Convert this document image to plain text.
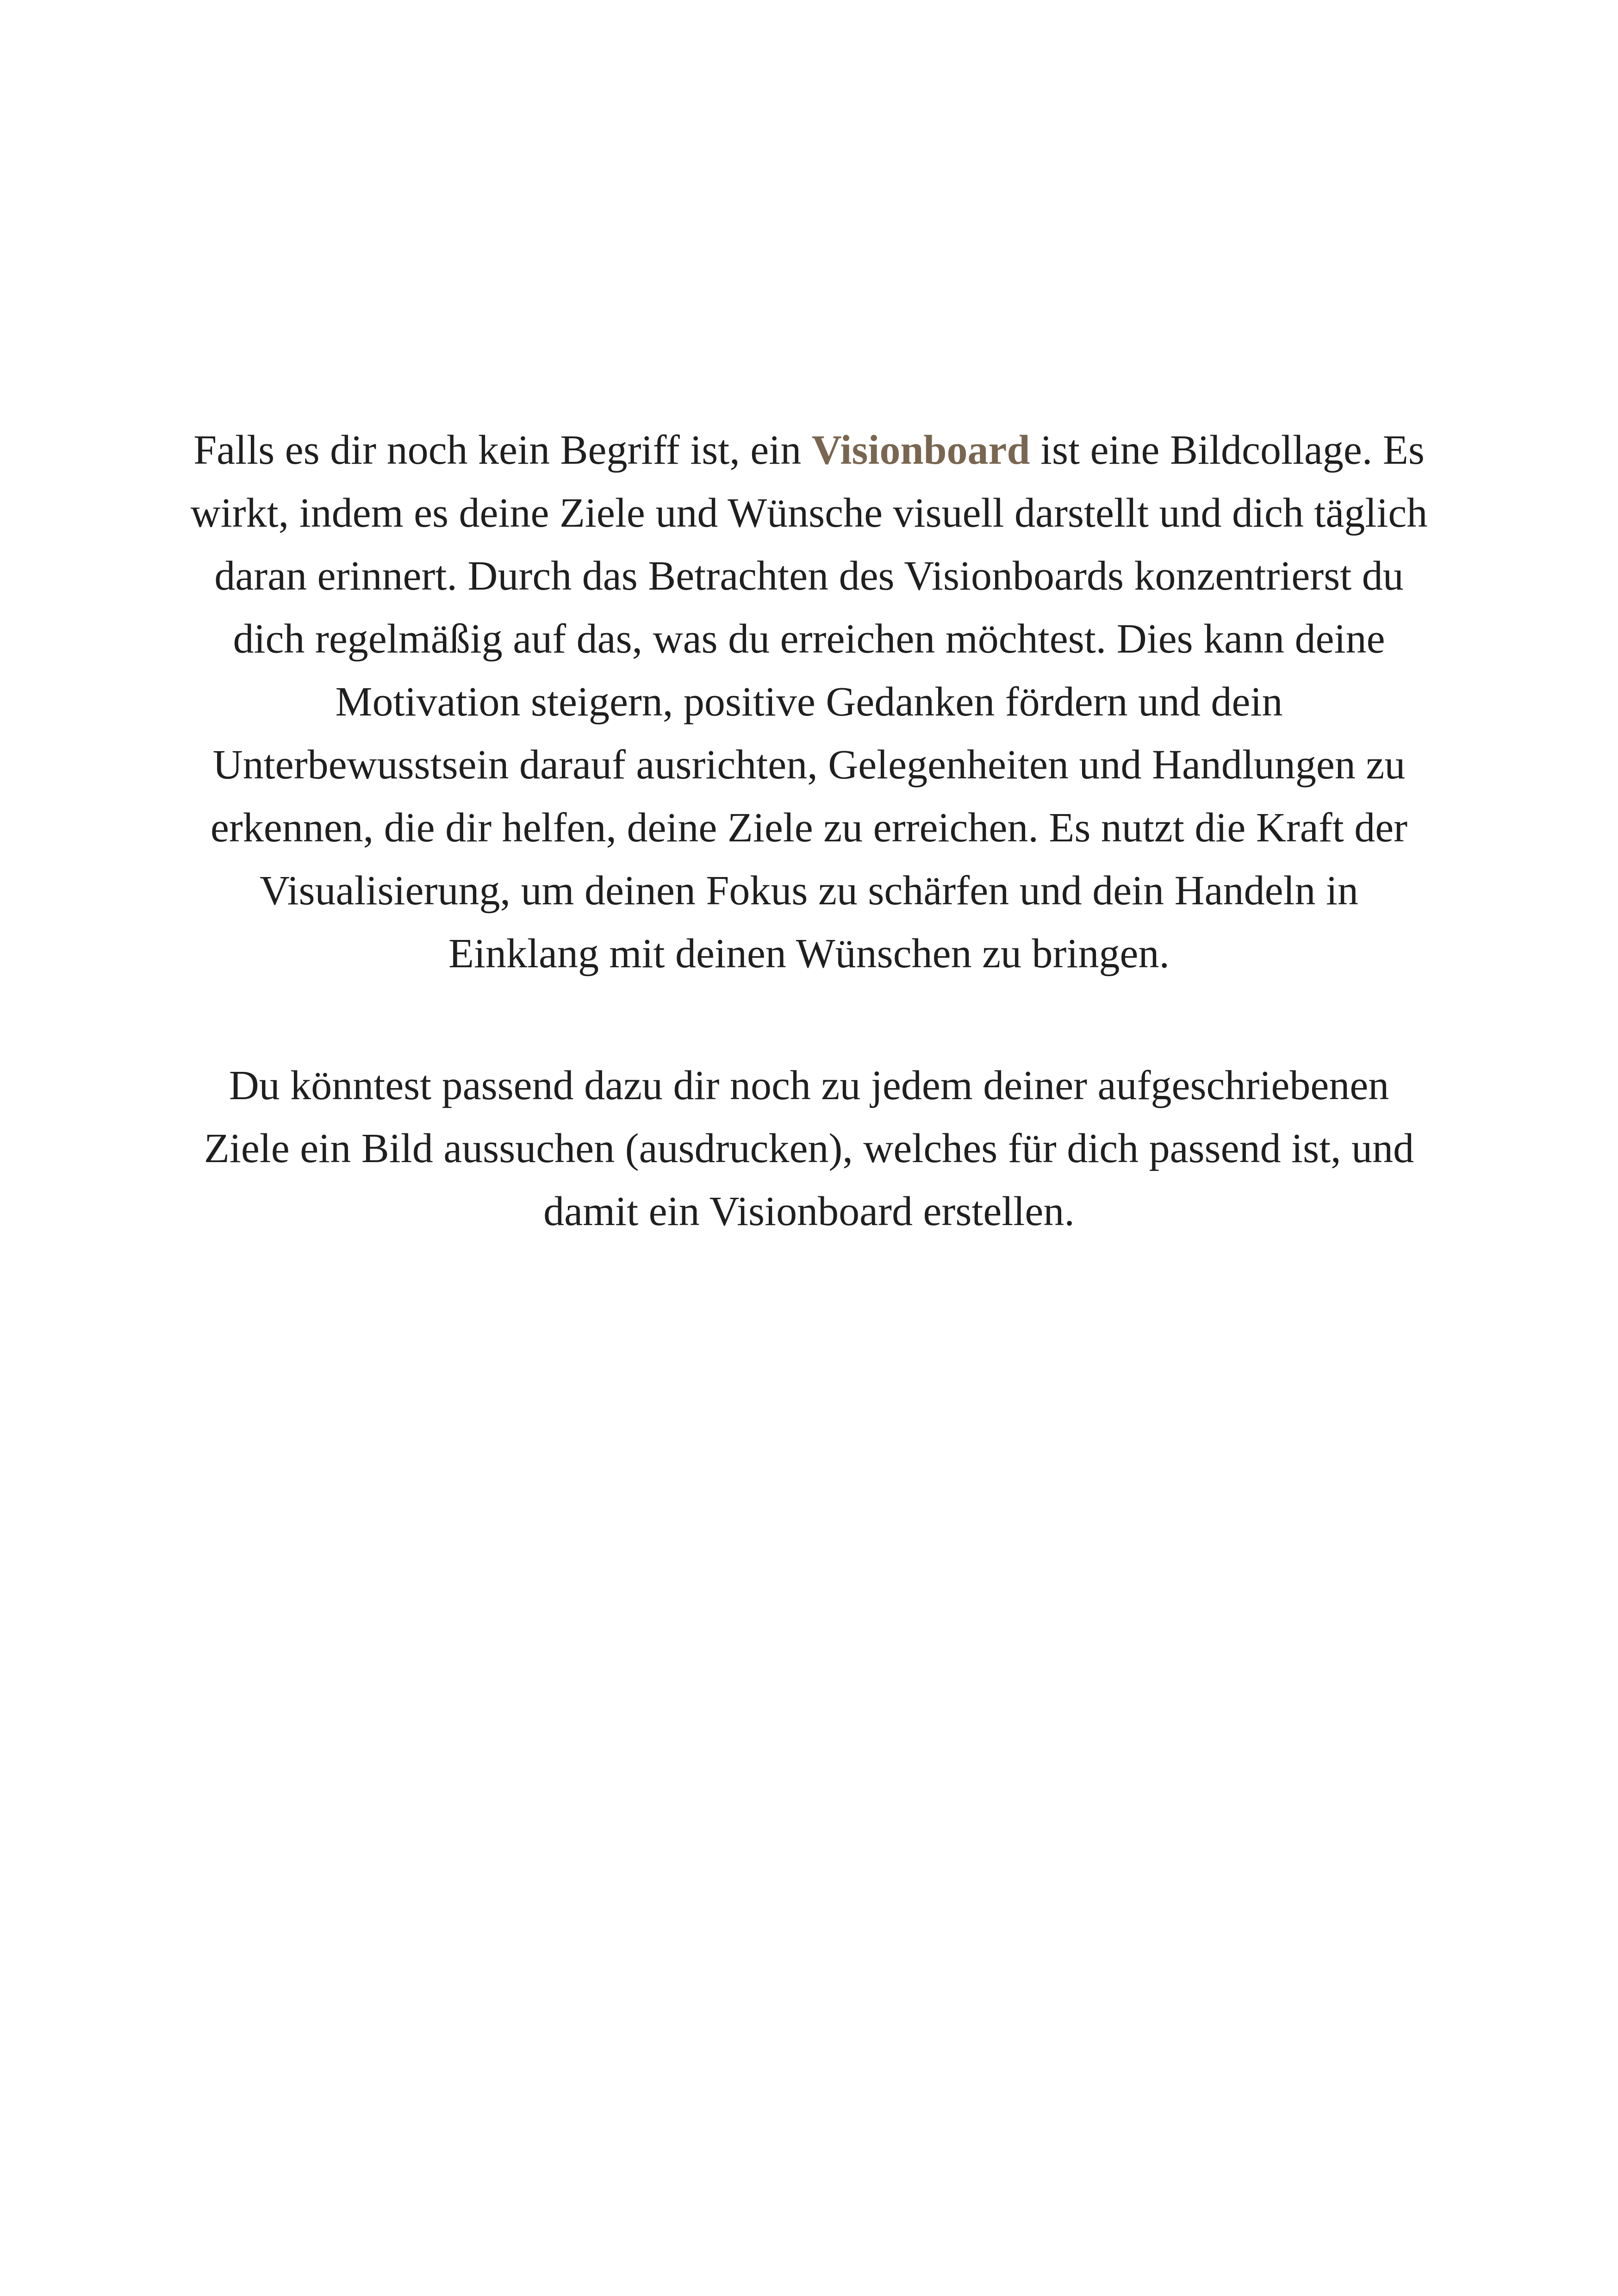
Falls es dir noch kein Begriff ist, ein Visionboard ist eine Bildcollage. Es
wirkt, indem es deine Ziele und Wünsche visuell darstellt und dich täglich
daran erinnert. Durch das Betrachten des Visionboards konzentrierst du
dich regelmäßig auf das, was du erreichen möchtest. Dies kann deine
Motivation steigern, positive Gedanken fördern und dein
Unterbewusstsein darauf ausrichten, Gelegenheiten und Handlungen zu
erkennen, die dir helfen, deine Ziele zu erreichen. Es nutzt die Kraft der
Visualisierung, um deinen Fokus zu schärfen und dein Handeln in
Einklang mit deinen Wünschen zu bringen.
Du könntest passend dazu dir noch zu jedem deiner aufgeschriebenen
Ziele ein Bild aussuchen (ausdrucken), welches für dich passend ist, und
damit ein Visionboard erstellen.
